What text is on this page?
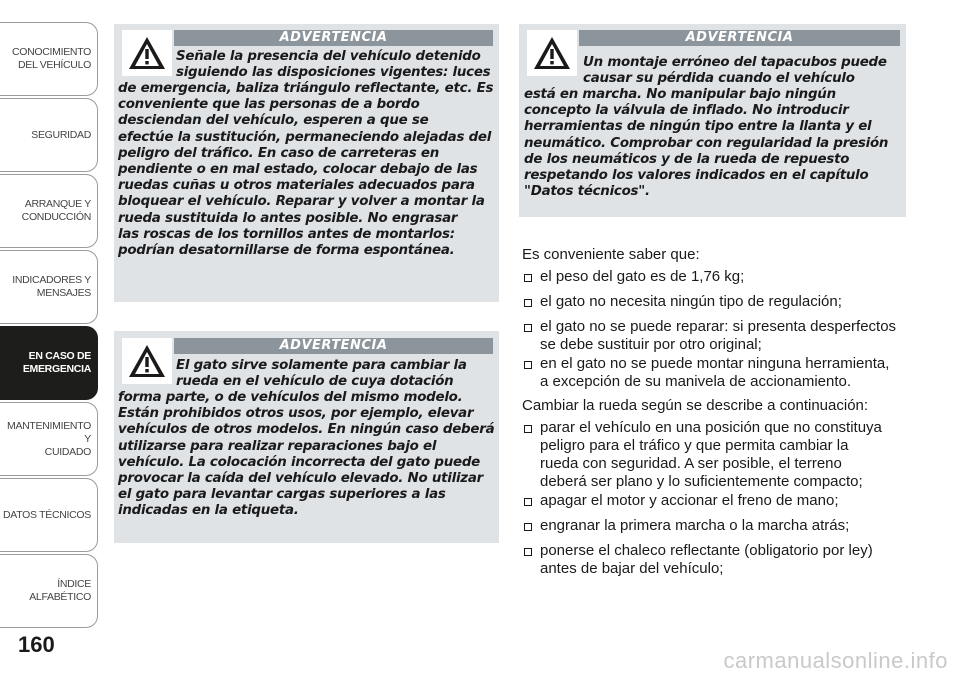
CONOCIMIENTO
DEL VEHÍCULO
SEGURIDAD
ARRANQUE Y
CONDUCCIÓN
INDICADORES Y
MENSAJES
EN CASO DE
EMERGENCIA
MANTENIMIENTO Y
CUIDADO
DATOS TÉCNICOS
ÍNDICE ALFABÉTICO
160
ADVERTENCIA
Señale la presencia del vehículo detenido
siguiendo las disposiciones vigentes: luces
de emergencia, baliza triángulo reflectante, etc. Es
conveniente que las personas de a bordo
desciendan del vehículo, esperen a que se
efectúe la sustitución, permaneciendo alejadas del
peligro del tráfico. En caso de carreteras en
pendiente o en mal estado, colocar debajo de las
ruedas cuñas u otros materiales adecuados para
bloquear el vehículo. Reparar y volver a montar la
rueda sustituida lo antes posible. No engrasar
las roscas de los tornillos antes de montarlos:
podrían desatornillarse de forma espontánea.
ADVERTENCIA
El gato sirve solamente para cambiar la
rueda en el vehículo de cuya dotación
forma parte, o de vehículos del mismo modelo.
Están prohibidos otros usos, por ejemplo, elevar
vehículos de otros modelos. En ningún caso deberá
utilizarse para realizar reparaciones bajo el
vehículo. La colocación incorrecta del gato puede
provocar la caída del vehículo elevado. No utilizar
el gato para levantar cargas superiores a las
indicadas en la etiqueta.
ADVERTENCIA
Un montaje erróneo del tapacubos puede
causar su pérdida cuando el vehículo
está en marcha. No manipular bajo ningún
concepto la válvula de inflado. No introducir
herramientas de ningún tipo entre la llanta y el
neumático. Comprobar con regularidad la presión
de los neumáticos y de la rueda de repuesto
respetando los valores indicados en el capítulo
"Datos técnicos".
Es conveniente saber que:
el peso del gato es de 1,76 kg;
el gato no necesita ningún tipo de regulación;
el gato no se puede reparar: si presenta desperfectos
se debe sustituir por otro original;
en el gato no se puede montar ninguna herramienta,
a excepción de su manivela de accionamiento.
Cambiar la rueda según se describe a continuación:
parar el vehículo en una posición que no constituya
peligro para el tráfico y que permita cambiar la
rueda con seguridad. A ser posible, el terreno
deberá ser plano y lo suficientemente compacto;
apagar el motor y accionar el freno de mano;
engranar la primera marcha o la marcha atrás;
ponerse el chaleco reflectante (obligatorio por ley)
antes de bajar del vehículo;
carmanualsonline.info
